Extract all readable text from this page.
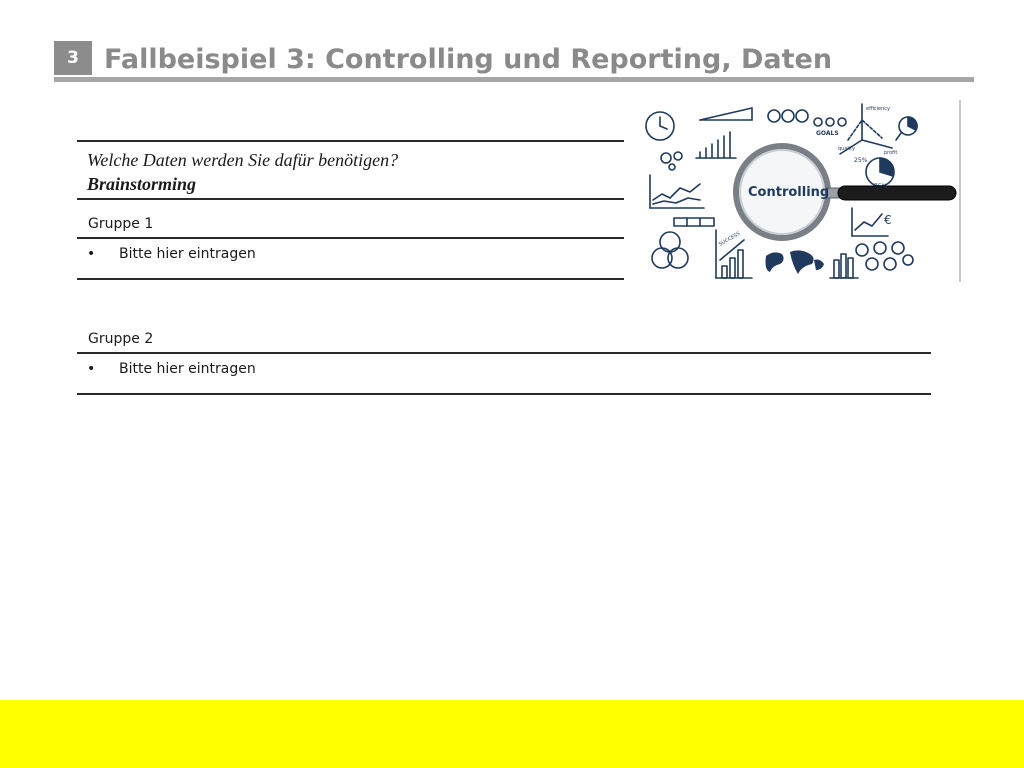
3 Fallbeispiel 3: Controlling und Reporting, Daten
Welche Daten werden Sie dafür benötigen?
Brainstorming
Gruppe 1
• Bitte hier eintragen
Gruppe 2
• Bitte hier eintragen
Controlling
GOALS
efficiency
quality
profit
75%
25%
SUCCESS
€
